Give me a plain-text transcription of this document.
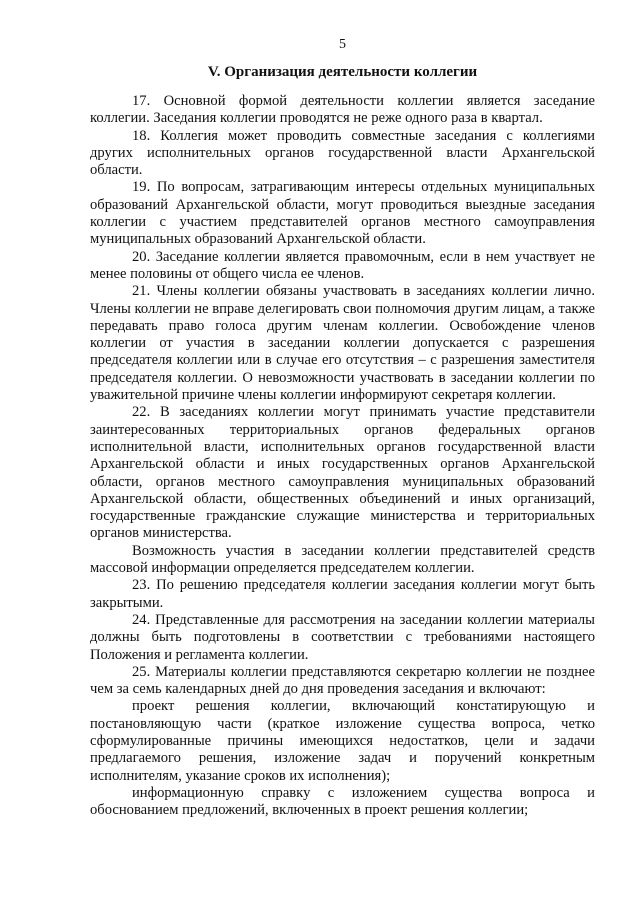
5
V. Организация деятельности коллегии

17. Основной формой деятельности коллегии является заседание коллегии. Заседания коллегии проводятся не реже одного раза в квартал.

18. Коллегия может проводить совместные заседания с коллегиями других исполнительных органов государственной власти Архангельской области.

19. По вопросам, затрагивающим интересы отдельных муниципальных образований Архангельской области, могут проводиться выездные заседания коллегии с участием представителей органов местного самоуправления муниципальных образований Архангельской области.

20. Заседание коллегии является правомочным, если в нем участвует не менее половины от общего числа ее членов.

21. Члены коллегии обязаны участвовать в заседаниях коллегии лично. Члены коллегии не вправе делегировать свои полномочия другим лицам, а также передавать право голоса другим членам коллегии. Освобождение членов коллегии от участия в заседании коллегии допускается с разрешения председателя коллегии или в случае его отсутствия – с разрешения заместителя председателя коллегии. О невозможности участвовать в заседании коллегии по уважительной причине члены коллегии информируют секретаря коллегии.

22. В заседаниях коллегии могут принимать участие представители заинтересованных территориальных органов федеральных органов исполнительной власти, исполнительных органов государственной власти Архангельской области и иных государственных органов Архангельской области, органов местного самоуправления муниципальных образований Архангельской области, общественных объединений и иных организаций, государственные гражданские служащие министерства и территориальных органов министерства.

Возможность участия в заседании коллегии представителей средств массовой информации определяется председателем коллегии.

23. По решению председателя коллегии заседания коллегии могут быть закрытыми.

24. Представленные для рассмотрения на заседании коллегии материалы должны быть подготовлены в соответствии с требованиями настоящего Положения и регламента коллегии.

25. Материалы коллегии представляются секретарю коллегии не позднее чем за семь календарных дней до дня проведения заседания и включают:

проект решения коллегии, включающий констатирующую и постановляющую части (краткое изложение существа вопроса, четко сформулированные причины имеющихся недостатков, цели и задачи предлагаемого решения, изложение задач и поручений конкретным исполнителям, указание сроков их исполнения);

информационную справку с изложением существа вопроса и обоснованием предложений, включенных в проект решения коллегии;
